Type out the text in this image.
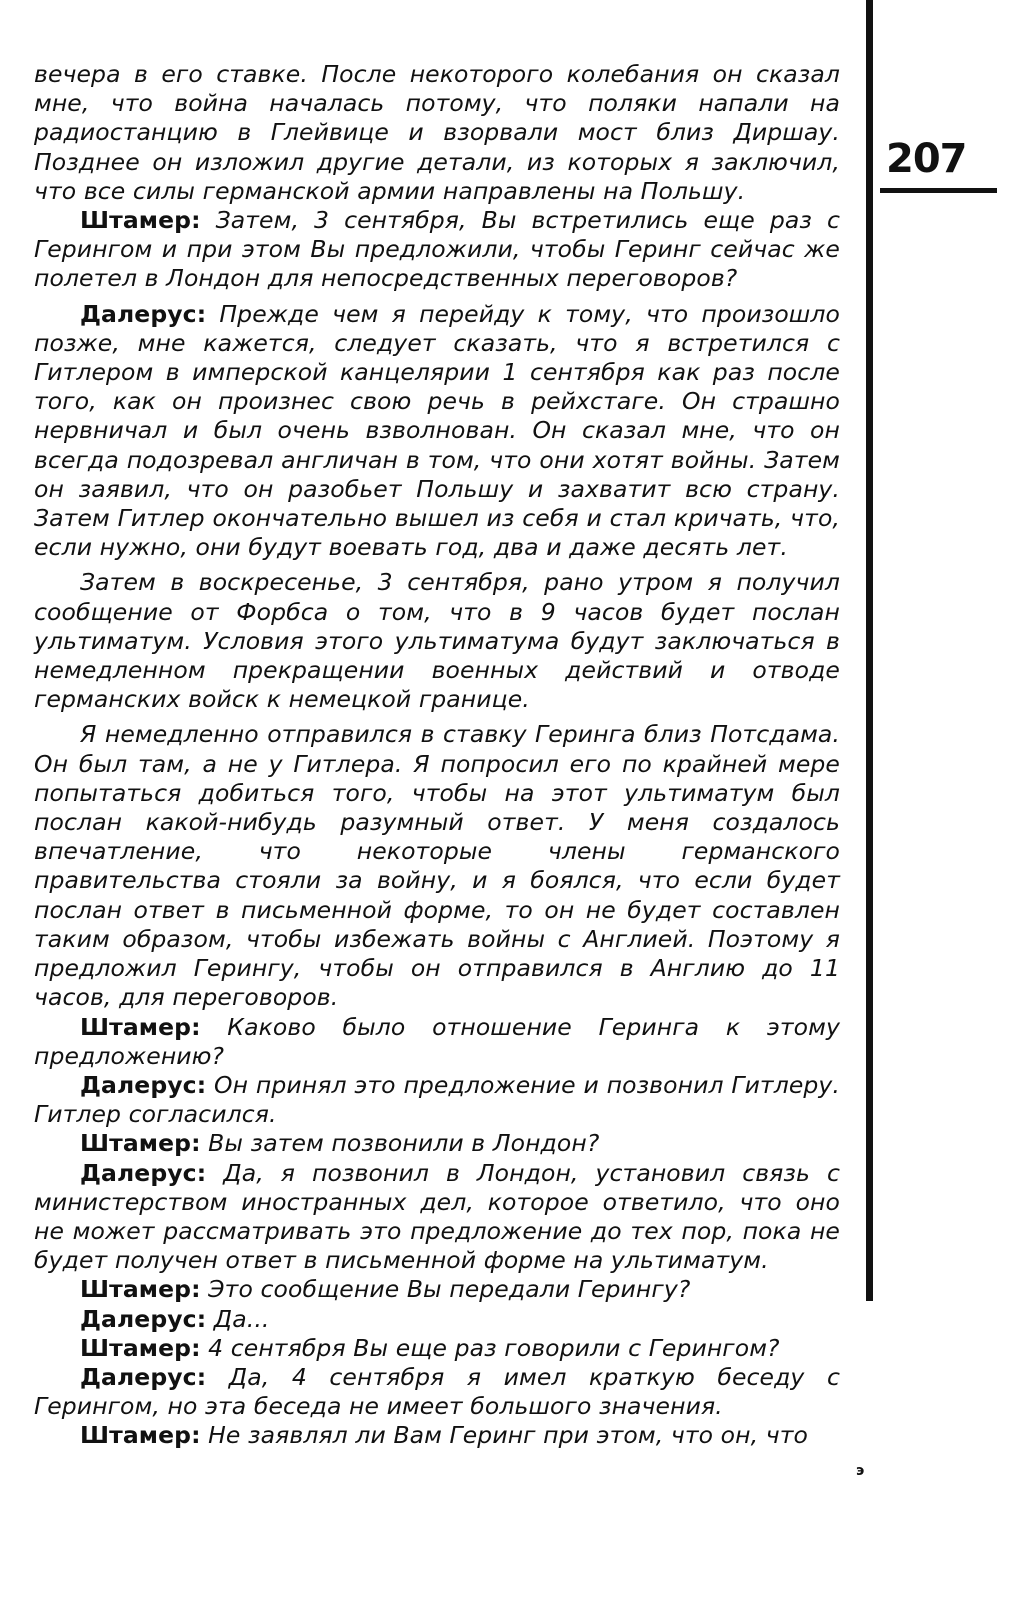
207

вечера в его ставке. После некоторого колебания он сказал мне, что война началась потому, что поляки напали на радиостанцию в Глейвице и взорвали мост близ Диршау. Позднее он изложил другие детали, из которых я заключил, что все силы германской армии направлены на Польшу.

Штамер: Затем, 3 сентября, Вы встретились еще раз с Герингом и при этом Вы предложили, чтобы Геринг сейчас же полетел в Лондон для непосредственных переговоров?

Далерус: Прежде чем я перейду к тому, что произошло позже, мне кажется, следует сказать, что я встретился с Гитлером в имперской канцелярии 1 сентября как раз после того, как он произнес свою речь в рейхстаге. Он страшно нервничал и был очень взволнован. Он сказал мне, что он всегда подозревал англичан в том, что они хотят войны. Затем он заявил, что он разобьет Польшу и захватит всю страну. Затем Гитлер окончательно вышел из себя и стал кричать, что, если нужно, они будут воевать год, два и даже десять лет.

Затем в воскресенье, 3 сентября, рано утром я получил сообщение от Форбса о том, что в 9 часов будет послан ультиматум. Условия этого ультиматума будут заключаться в немедленном прекращении военных действий и отводе германских войск к немецкой границе.

Я немедленно отправился в ставку Геринга близ Потсдама. Он был там, а не у Гитлера. Я попросил его по крайней мере попытаться добиться того, чтобы на этот ультиматум был послан какой-нибудь разумный ответ. У меня создалось впечатление, что некоторые члены германского правительства стояли за войну, и я боялся, что если будет послан ответ в письменной форме, то он не будет составлен таким образом, чтобы избежать войны с Англией. Поэтому я предложил Герингу, чтобы он отправился в Англию до 11 часов, для переговоров.

Штамер: Каково было отношение Геринга к этому предложению?

Далерус: Он принял это предложение и позвонил Гитлеру. Гитлер согласился.

Штамер: Вы затем позвонили в Лондон?

Далерус: Да, я позвонил в Лондон, установил связь с министерством иностранных дел, которое ответило, что оно не может рассматривать это предложение до тех пор, пока не будет получен ответ в письменной форме на ультиматум.

Штамер: Это сообщение Вы передали Герингу?

Далерус: Да...

Штамер: 4 сентября Вы еще раз говорили с Герингом?

Далерус: Да, 4 сентября я имел краткую беседу с Герингом, но эта беседа не имеет большого значения.

Штамер: Не заявлял ли Вам Геринг при этом, что он, что

э
